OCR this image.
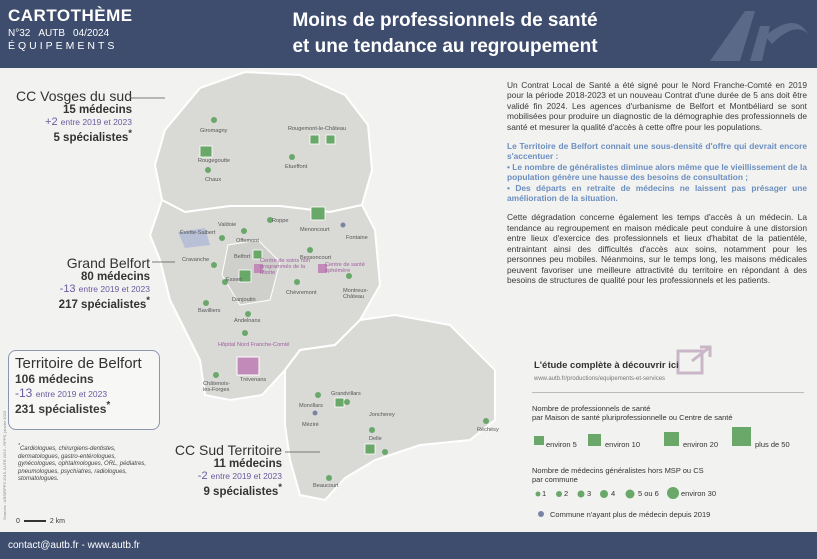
CARTOTHÈME
N°32 AUTB 04/2024
ÉQUIPEMENTS
Moins de professionnels de santé
et une tendance au regroupement
Giromagny	Rougemont-le-Château
Rougegoutte
Etueffont
Chaux
Évette-Salbert
Valdoie
Roppe
Offemont
Menoncourt
Fontaine
Cravanche	Belfort
Centre de soins non programmés de la Miotte
Centre de santé éphémère
Bessoncourt
Essert
Danjoutin
Chèvremont	Montreux-Château
Bavilliers
Andelnans
Hôpital Nord Franche-Comté
Trévenans
Châtenois-les-Forges
Grandvillars
Morvillars
Méziré
Joncherey
Delle
Réchésy
Beaucourt
CC Vosges du sud
15 médecins
+2 entre 2019 et 2023
5 spécialistes*
Grand Belfort
80 médecins
-13 entre 2019 et 2023
217 spécialistes*
Territoire de Belfort
106 médecins
-13 entre 2019 et 2023
231 spécialistes*
CC Sud Territoire
11 médecins
-2 entre 2019 et 2023
9 spécialistes*
*Cardiologues, chirurgiens-dentistes, dermatologues, gastro-entérologues, gynécologues, ophtalmologues, ORL, pédiatres, pneumologues, psychiatres, radiologues, stomatologues.
Sources : ARS/RPPS 2019, AUTB 2023 - RPPS, janvier 2023
0	2 km

Un Contrat Local de Santé a été signé pour le Nord Franche-Comté en 2019 pour la période 2018-2023 et un nouveau Contrat d'une durée de 5 ans doit être validé fin 2024. Les agences d'urbanisme de Belfort et Montbéliard se sont mobilisées pour produire un diagnostic de la démographie des professionnels de santé et mesurer la qualité d'accès à cette offre pour les populations.

Le Territoire de Belfort connait une sous-densité d'offre qui devrait encore s'accentuer :
• Le nombre de généralistes diminue alors même que le vieillissement de la population génère une hausse des besoins de consultation ;
• Des départs en retraite de médecins ne laissent pas présager une amélioration de la situation.

Cette dégradation concerne également les temps d'accès à un médecin. La tendance au regroupement en maison médicale peut conduire à une distorsion entre lieux d'exercice des professionnels et lieux d'habitat de la patientèle, entraintant ainsi des difficultés d'accès aux soins, notamment pour les personnes peu mobiles. Néanmoins, sur le temps long, les maisons médicales peuvent favoriser une meilleure attractivité du territoire en répondant à des besoins de structures de qualité pour les professionnels et les patients.

L'étude complète à découvrir ici
www.autb.fr/productions/equipements-et-services
Nombre de professionnels de santé
par Maison de santé pluriprofessionnelle ou Centre de santé
environ 5	environ 10	environ 20	plus de 50
Nombre de médecins généralistes hors MSP ou CS
par commune
1 2	3	4	5 ou 6	environ 30
Commune n'ayant plus de médecin depuis 2019
contact@autb.fr - www.autb.fr
